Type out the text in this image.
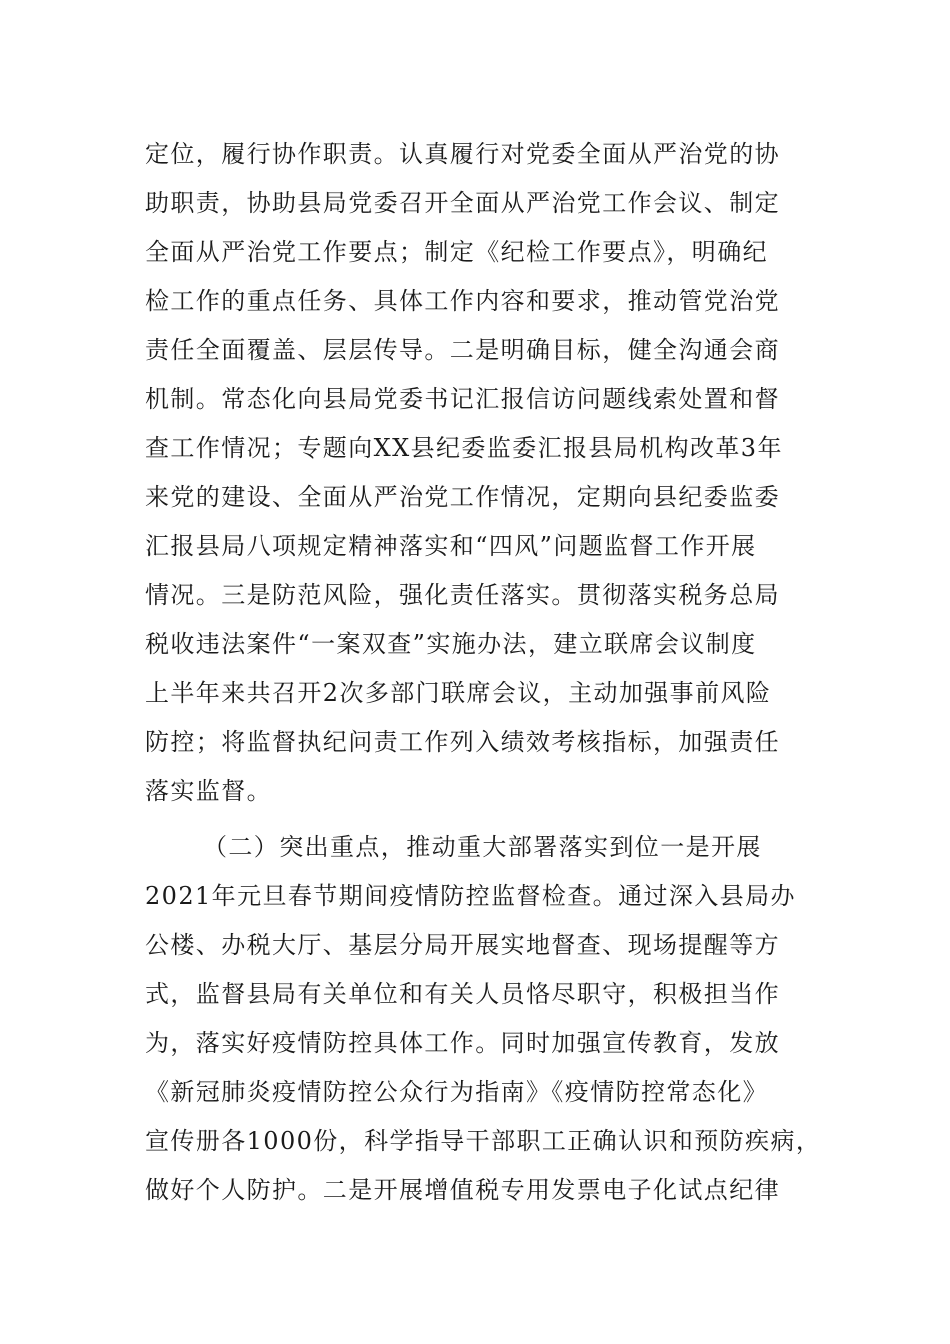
定位，履行协作职责。认真履行对党委全面从严治党的协
助职责，协助县局党委召开全面从严治党工作会议、制定
全面从严治党工作要点；制定《纪检工作要点》，明确纪
检工作的重点任务、具体工作内容和要求，推动管党治党
责任全面覆盖、层层传导。二是明确目标，健全沟通会商
机制。常态化向县局党委书记汇报信访问题线索处置和督
查工作情况；专题向XX县纪委监委汇报县局机构改革3年
来党的建设、全面从严治党工作情况，定期向县纪委监委
汇报县局八项规定精神落实和“四风”问题监督工作开展
情况。三是防范风险，强化责任落实。贯彻落实税务总局
税收违法案件“一案双查”实施办法，建立联席会议制度
上半年来共召开2次多部门联席会议，主动加强事前风险
防控；将监督执纪问责工作列入绩效考核指标，加强责任
落实监督。
（二）突出重点，推动重大部署落实到位一是开展
2021年元旦春节期间疫情防控监督检查。通过深入县局办
公楼、办税大厅、基层分局开展实地督查、现场提醒等方
式，监督县局有关单位和有关人员恪尽职守，积极担当作
为，落实好疫情防控具体工作。同时加强宣传教育，发放
《新冠肺炎疫情防控公众行为指南》《疫情防控常态化》
宣传册各1000份，科学指导干部职工正确认识和预防疾病，
做好个人防护。二是开展增值税专用发票电子化试点纪律
